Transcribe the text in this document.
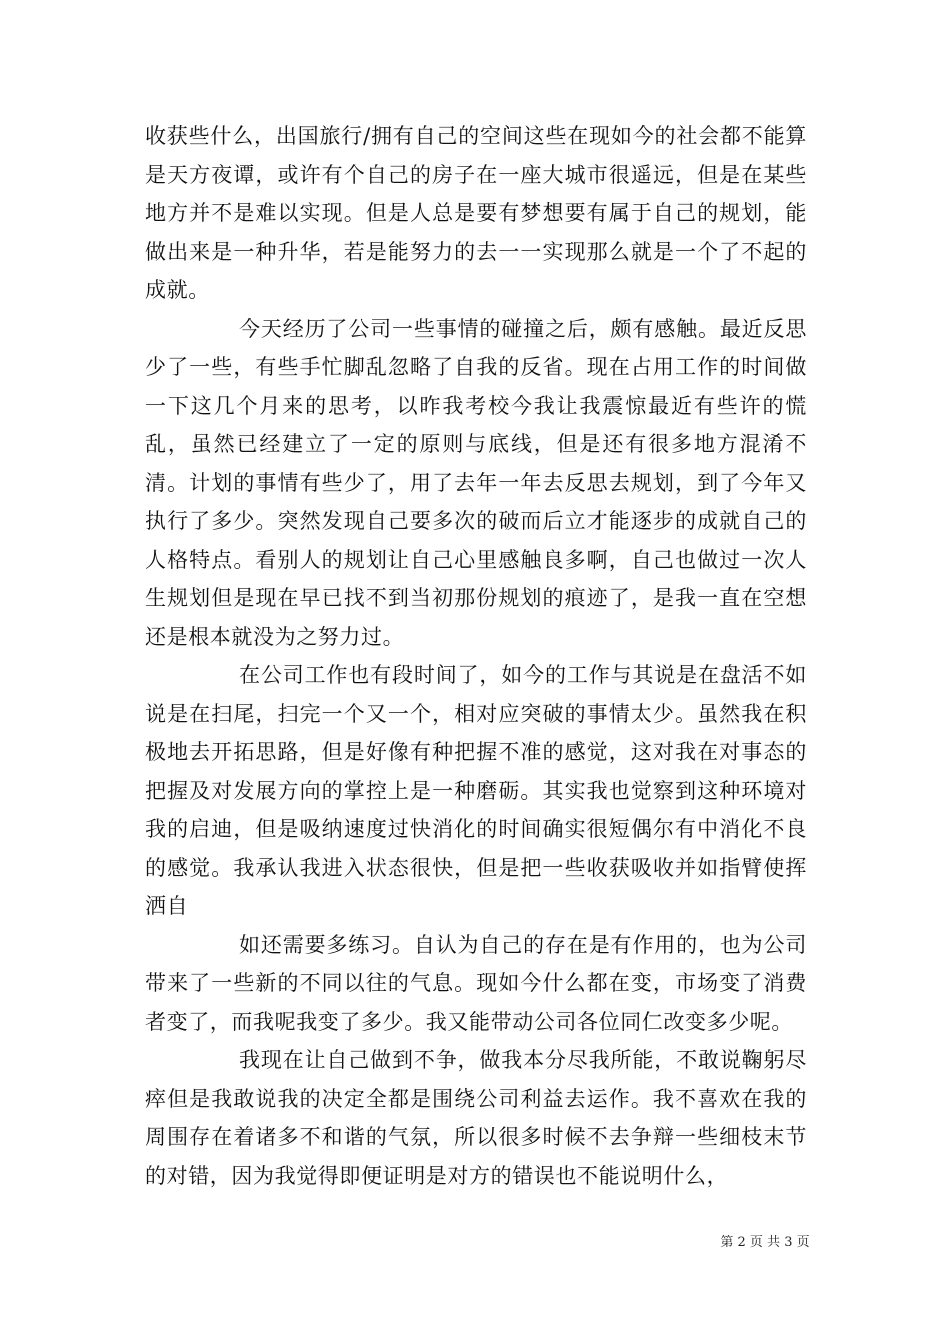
收获些什么，出国旅行/拥有自己的空间这些在现如今的社会都不能算是天方夜谭，或许有个自己的房子在一座大城市很遥远，但是在某些地方并不是难以实现。但是人总是要有梦想要有属于自己的规划，能做出来是一种升华，若是能努力的去一一实现那么就是一个了不起的成就。

今天经历了公司一些事情的碰撞之后，颇有感触。最近反思少了一些，有些手忙脚乱忽略了自我的反省。现在占用工作的时间做一下这几个月来的思考，以昨我考校今我让我震惊最近有些许的慌乱，虽然已经建立了一定的原则与底线，但是还有很多地方混淆不清。计划的事情有些少了，用了去年一年去反思去规划，到了今年又执行了多少。突然发现自己要多次的破而后立才能逐步的成就自己的人格特点。看别人的规划让自己心里感触良多啊，自己也做过一次人生规划但是现在早已找不到当初那份规划的痕迹了，是我一直在空想还是根本就没为之努力过。

在公司工作也有段时间了，如今的工作与其说是在盘活不如说是在扫尾，扫完一个又一个，相对应突破的事情太少。虽然我在积极地去开拓思路，但是好像有种把握不准的感觉，这对我在对事态的把握及对发展方向的掌控上是一种磨砺。其实我也觉察到这种环境对我的启迪，但是吸纳速度过快消化的时间确实很短偶尔有中消化不良的感觉。我承认我进入状态很快，但是把一些收获吸收并如指臂使挥洒自

如还需要多练习。自认为自己的存在是有作用的，也为公司带来了一些新的不同以往的气息。现如今什么都在变，市场变了消费者变了，而我呢我变了多少。我又能带动公司各位同仁改变多少呢。

我现在让自己做到不争，做我本分尽我所能，不敢说鞠躬尽瘁但是我敢说我的决定全都是围绕公司利益去运作。我不喜欢在我的周围存在着诸多不和谐的气氛，所以很多时候不去争辩一些细枝末节的对错，因为我觉得即便证明是对方的错误也不能说明什么，

第 2 页 共 3 页
